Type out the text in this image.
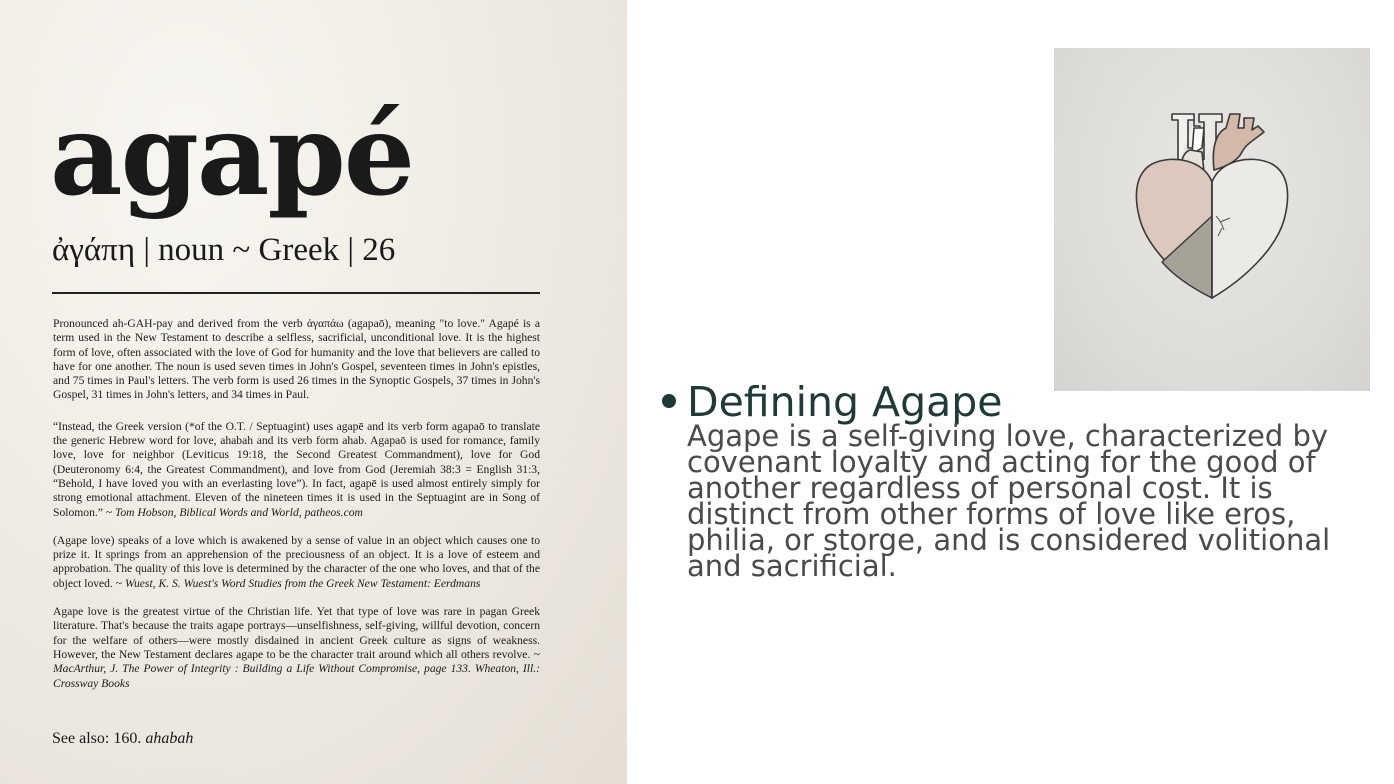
agapé
ἀγάπη | noun ~ Greek | 26

Pronounced ah-GAH-pay and derived from the verb ἀγαπάω (agapaō), meaning "to love." Agapé is a term used in the New Testament to describe a selfless, sacrificial, unconditional love. It is the highest form of love, often associated with the love of God for humanity and the love that believers are called to have for one another. The noun is used seven times in John's Gospel, seventeen times in John's epistles, and 75 times in Paul's letters. The verb form is used 26 times in the Synoptic Gospels, 37 times in John's Gospel, 31 times in John's letters, and 34 times in Paul.

“Instead, the Greek version (*of the O.T. / Septuagint) uses agapē and its verb form agapaō to translate the generic Hebrew word for love, ahabah and its verb form ahab. Agapaō is used for romance, family love, love for neighbor (Leviticus 19:18, the Second Greatest Commandment), love for God (Deuteronomy 6:4, the Greatest Commandment), and love from God (Jeremiah 38:3 = English 31:3, “Behold, I have loved you with an everlasting love”). In fact, agapē is used almost entirely simply for strong emotional attachment. Eleven of the nineteen times it is used in the Septuagint are in Song of Solomon.” ~ Tom Hobson, Biblical Words and World, patheos.com

(Agape love) speaks of a love which is awakened by a sense of value in an object which causes one to prize it. It springs from an apprehension of the preciousness of an object. It is a love of esteem and approbation. The quality of this love is determined by the character of the one who loves, and that of the object loved. ~ Wuest, K. S. Wuest's Word Studies from the Greek New Testament: Eerdmans

Agape love is the greatest virtue of the Christian life. Yet that type of love was rare in pagan Greek literature. That's because the traits agape portrays—unselfishness, self-giving, willful devotion, concern for the welfare of others—were mostly disdained in ancient Greek culture as signs of weakness. However, the New Testament declares agape to be the character trait around which all others revolve. ~ MacArthur, J. The Power of Integrity : Building a Life Without Compromise, page 133. Wheaton, Ill.: Crossway Books

See also: 160. ahabah
Defining Agape
Agape is a self-giving love, characterized by covenant loyalty and acting for the good of another regardless of personal cost. It is distinct from other forms of love like eros, philia, or storge, and is considered volitional and sacrificial.
